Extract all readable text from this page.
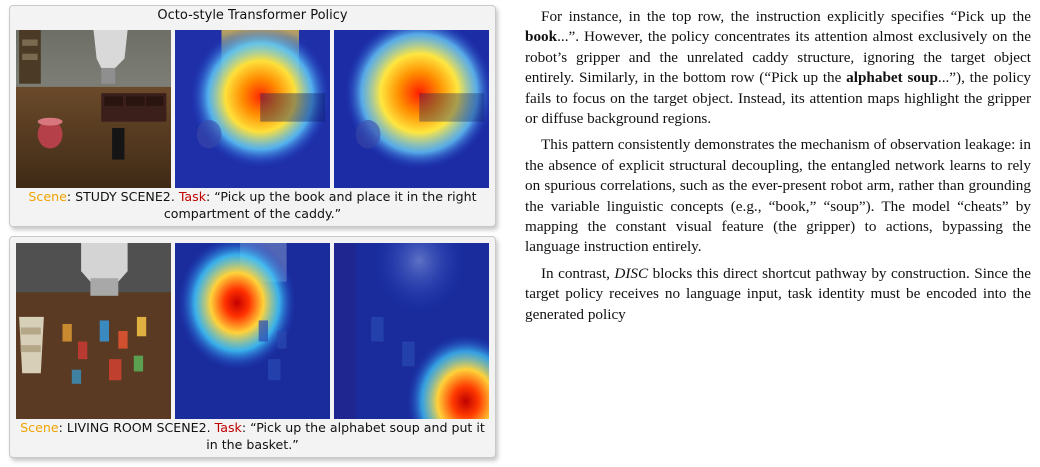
Octo-style Transformer Policy
Scene: STUDY SCENE2. Task: “Pick up the book and place it in the right compartment of the caddy.”
Scene: LIVING ROOM SCENE2. Task: “Pick up the alphabet soup and put it in the basket.”

For instance, in the top row, the instruction explicitly specifies “Pick up the book...”. However, the policy concentrates its attention almost exclusively on the robot’s gripper and the unrelated caddy structure, ignoring the target object entirely. Similarly, in the bottom row (“Pick up the alphabet soup...”), the policy fails to focus on the target object. Instead, its attention maps highlight the gripper or diffuse background regions.

This pattern consistently demonstrates the mechanism of observation leakage: in the absence of explicit structural decoupling, the entangled network learns to rely on spurious correlations, such as the ever-present robot arm, rather than grounding the variable linguistic concepts (e.g., “book,” “soup”). The model “cheats” by mapping the constant visual feature (the gripper) to actions, bypassing the language instruction entirely.

In contrast, DISC blocks this direct shortcut pathway by construction. Since the target policy receives no language input, task identity must be encoded into the generated policy
